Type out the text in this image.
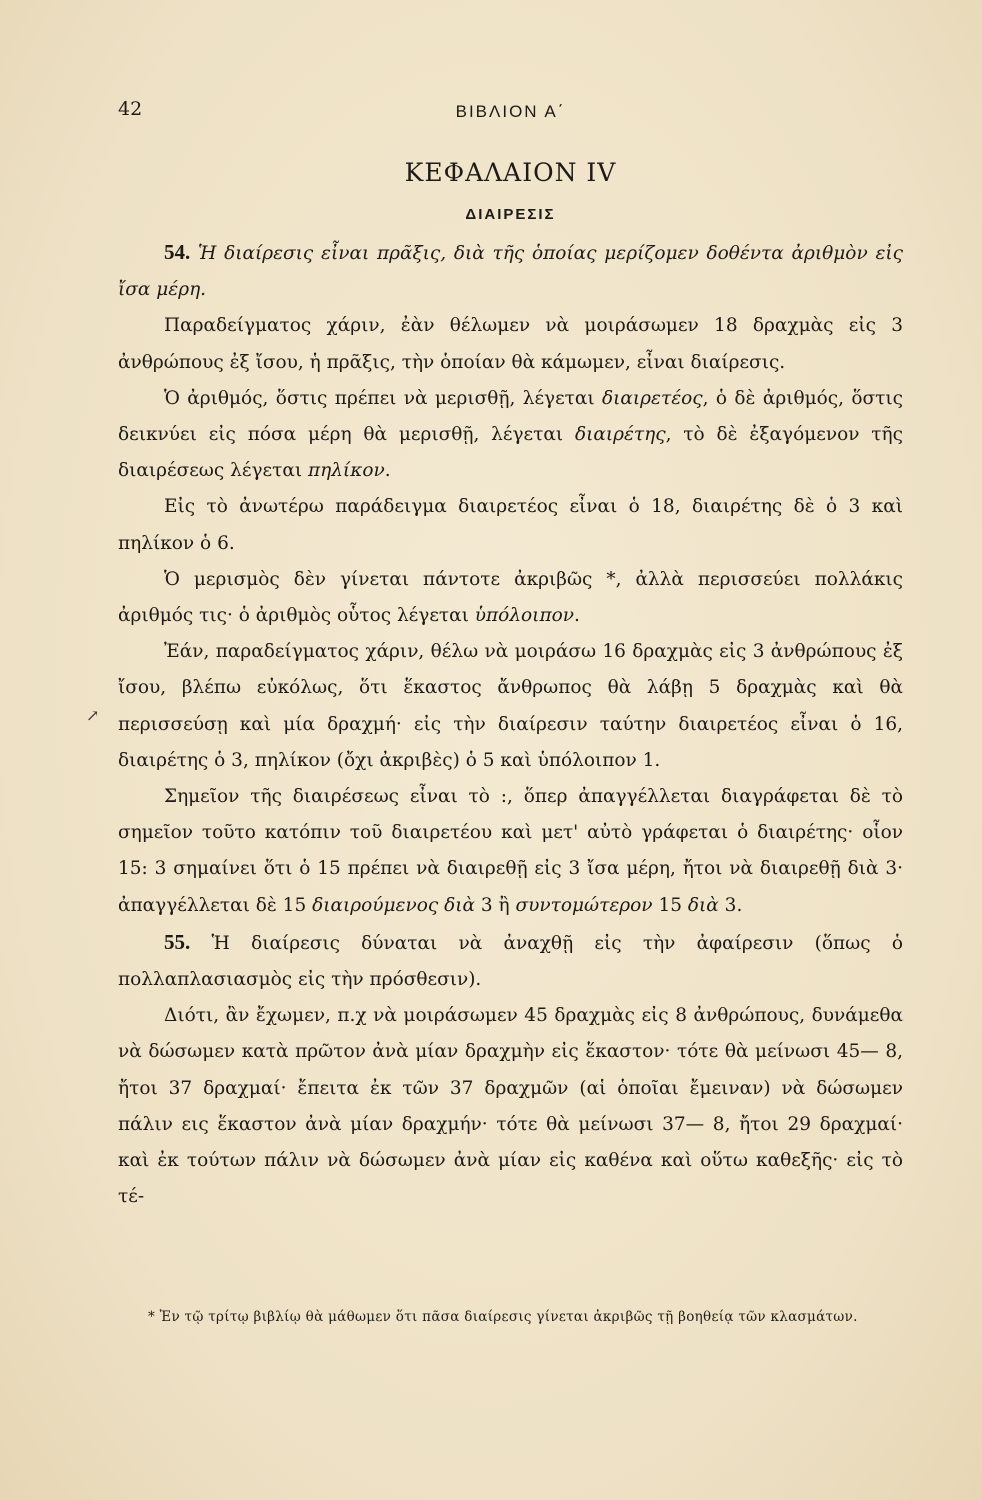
42	ΒΙΒΛΙΟΝ Α΄
ΚΕΦΑΛΑΙΟΝ IV
ΔΙΑΙΡΕΣΙΣ

54. Ἡ διαίρεσις εἶναι πρᾶξις, διὰ τῆς ὁποίας μερίζομεν δοθέντα ἀριθμὸν εἰς ἴσα μέρη.

Παραδείγματος χάριν, ἐὰν θέλωμεν νὰ μοιράσωμεν 18 δραχμὰς εἰς 3 ἀνθρώπους ἐξ ἴσου, ἡ πρᾶξις, τὴν ὁποίαν θὰ κάμωμεν, εἶναι διαίρεσις.

Ὁ ἀριθμός, ὅστις πρέπει νὰ μερισθῇ, λέγεται διαιρετέος, ὁ δὲ ἀριθμός, ὅστις δεικνύει εἰς πόσα μέρη θὰ μερισθῇ, λέγεται διαιρέτης, τὸ δὲ ἐξαγόμενον τῆς διαιρέσεως λέγεται πηλίκον.

Εἰς τὸ ἀνωτέρω παράδειγμα διαιρετέος εἶναι ὁ 18, διαιρέτης δὲ ὁ 3 καὶ πηλίκον ὁ 6.

Ὁ μερισμὸς δὲν γίνεται πάντοτε ἀκριβῶς *, ἀλλὰ περισσεύει πολλάκις ἀριθμός τις· ὁ ἀριθμὸς οὗτος λέγεται ὑπόλοιπον.

Ἐάν, παραδείγματος χάριν, θέλω νὰ μοιράσω 16 δραχμὰς εἰς 3 ἀνθρώπους ἐξ ἴσου, βλέπω εὐκόλως, ὅτι ἕκαστος ἄνθρωπος θὰ λάβῃ 5 δραχμὰς καὶ θὰ περισσεύσῃ καὶ μία δραχμή· εἰς τὴν διαίρεσιν ταύτην διαιρετέος εἶναι ὁ 16, διαιρέτης ὁ 3, πηλίκον (ὄχι ἀκριβὲς) ὁ 5 καὶ ὑπόλοιπον 1.

Σημεῖον τῆς διαιρέσεως εἶναι τὸ :, ὅπερ ἀπαγγέλλεται διαγράφεται δὲ τὸ σημεῖον τοῦτο κατόπιν τοῦ διαιρετέου καὶ μετ' αὐτὸ γράφεται ὁ διαιρέτης· οἷον 15: 3 σημαίνει ὅτι ὁ 15 πρέπει νὰ διαιρεθῇ εἰς 3 ἴσα μέρη, ἤτοι νὰ διαιρεθῇ διὰ 3· ἀπαγγέλλεται δὲ 15 διαιρούμενος διὰ 3 ἢ συντομώτερον 15 διὰ 3.

55. Ἡ διαίρεσις δύναται νὰ ἀναχθῇ εἰς τὴν ἀφαίρεσιν (ὅπως ὁ πολλαπλασιασμὸς εἰς τὴν πρόσθεσιν).

Διότι, ἂν ἔχωμεν, π.χ νὰ μοιράσωμεν 45 δραχμὰς εἰς 8 ἀνθρώπους, δυνάμεθα νὰ δώσωμεν κατὰ πρῶτον ἀνὰ μίαν δραχμὴν εἰς ἕκαστον· τότε θὰ μείνωσι 45— 8, ἤτοι 37 δραχμαί· ἔπειτα ἐκ τῶν 37 δραχμῶν (αἱ ὁποῖαι ἔμειναν) νὰ δώσωμεν πάλιν εις ἕκαστον ἀνὰ μίαν δραχμήν· τότε θὰ μείνωσι 37— 8, ἤτοι 29 δραχμαί· καὶ ἐκ τούτων πάλιν νὰ δώσωμεν ἀνὰ μίαν εἰς καθένα καὶ οὕτω καθεξῆς· εἰς τὸ τέ-

* Ἐν τῷ τρίτῳ βιβλίῳ θὰ μάθωμεν ὅτι πᾶσα διαίρεσις γίνεται ἀκριβῶς τῇ βοηθείᾳ τῶν κλασμάτων.
↗
